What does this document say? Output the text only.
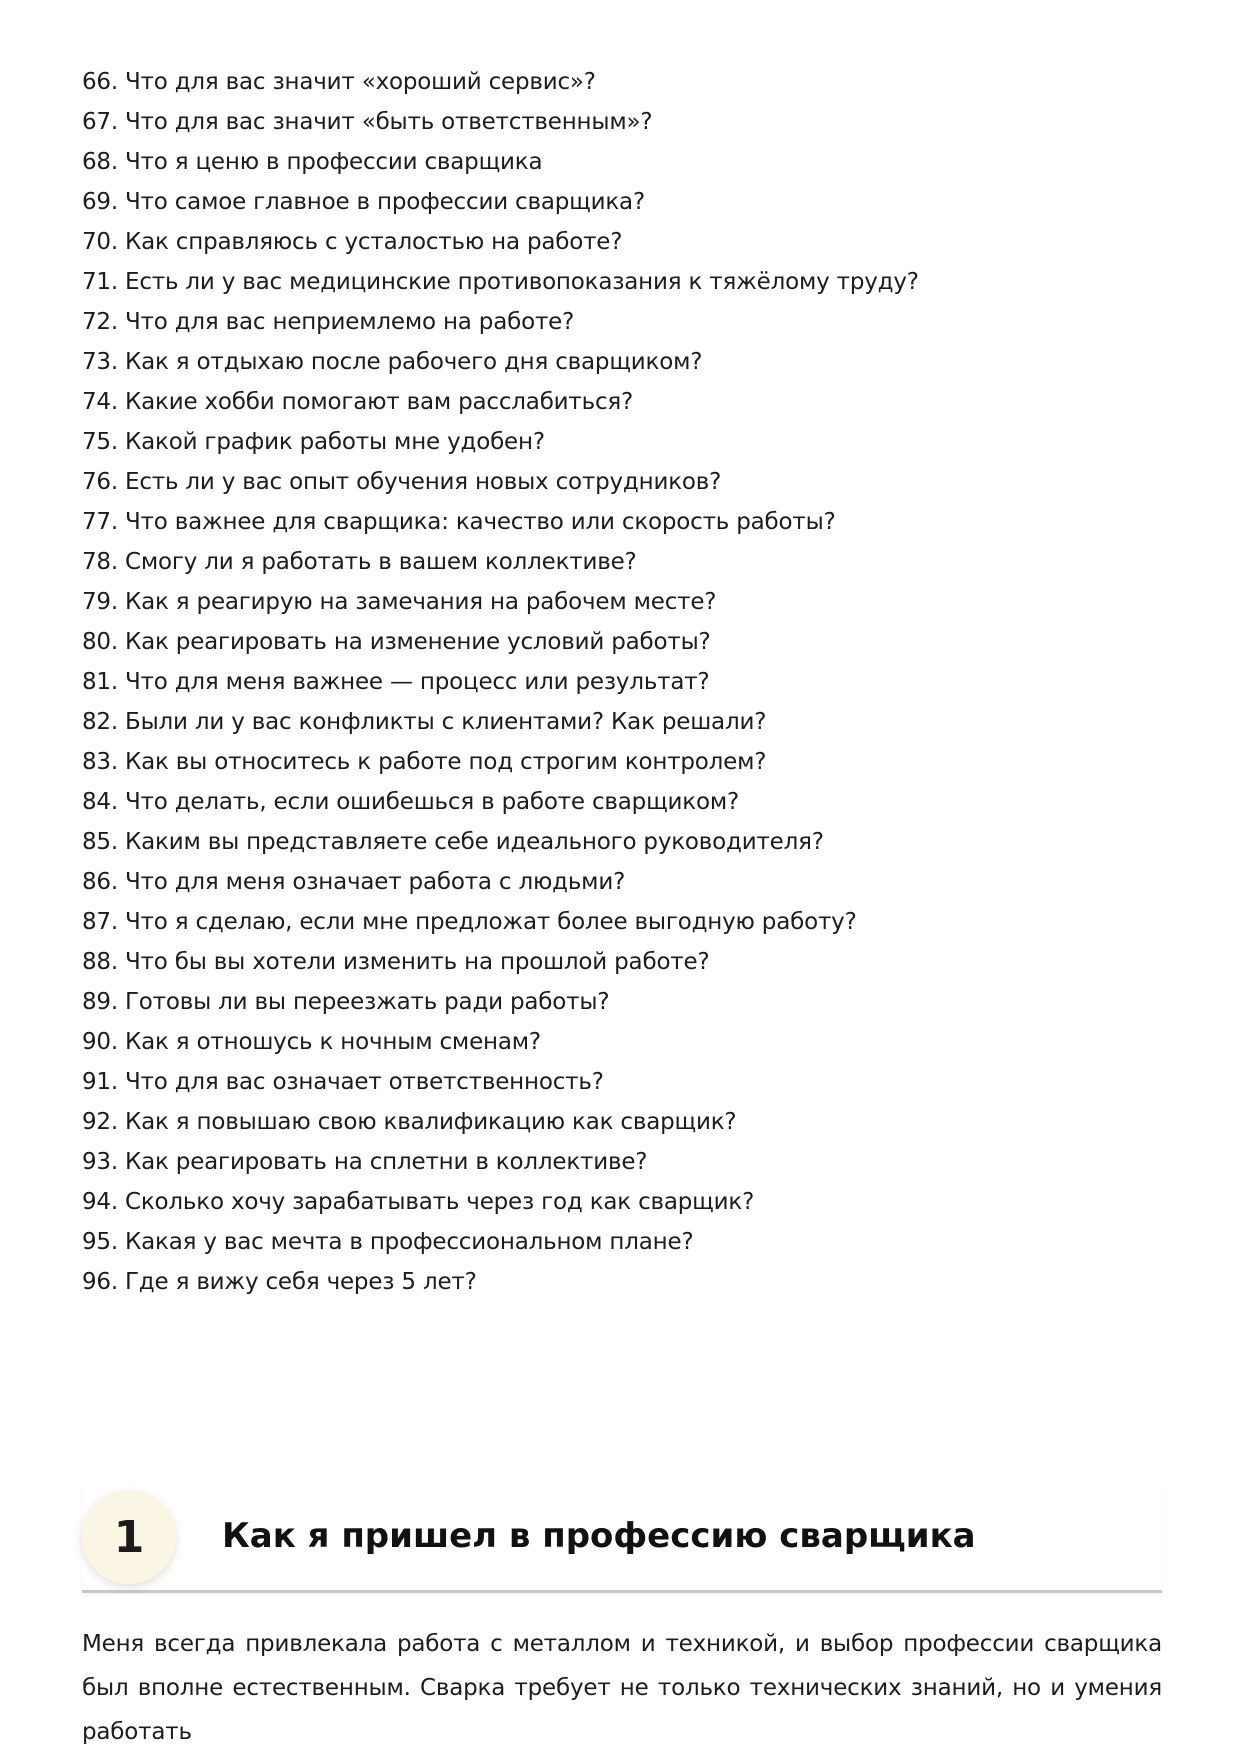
66. Что для вас значит «хороший сервис»?
67. Что для вас значит «быть ответственным»?
68. Что я ценю в профессии сварщика
69. Что самое главное в профессии сварщика?
70. Как справляюсь с усталостью на работе?
71. Есть ли у вас медицинские противопоказания к тяжёлому труду?
72. Что для вас неприемлемо на работе?
73. Как я отдыхаю после рабочего дня сварщиком?
74. Какие хобби помогают вам расслабиться?
75. Какой график работы мне удобен?
76. Есть ли у вас опыт обучения новых сотрудников?
77. Что важнее для сварщика: качество или скорость работы?
78. Смогу ли я работать в вашем коллективе?
79. Как я реагирую на замечания на рабочем месте?
80. Как реагировать на изменение условий работы?
81. Что для меня важнее — процесс или результат?
82. Были ли у вас конфликты с клиентами? Как решали?
83. Как вы относитесь к работе под строгим контролем?
84. Что делать, если ошибешься в работе сварщиком?
85. Каким вы представляете себе идеального руководителя?
86. Что для меня означает работа с людьми?
87. Что я сделаю, если мне предложат более выгодную работу?
88. Что бы вы хотели изменить на прошлой работе?
89. Готовы ли вы переезжать ради работы?
90. Как я отношусь к ночным сменам?
91. Что для вас означает ответственность?
92. Как я повышаю свою квалификацию как сварщик?
93. Как реагировать на сплетни в коллективе?
94. Сколько хочу зарабатывать через год как сварщик?
95. Какая у вас мечта в профессиональном плане?
96. Где я вижу себя через 5 лет?
1	Как я пришел в профессию сварщика

Меня всегда привлекала работа с металлом и техникой, и выбор профессии сварщика был вполне естественным. Сварка требует не только технических знаний, но и умения работать
